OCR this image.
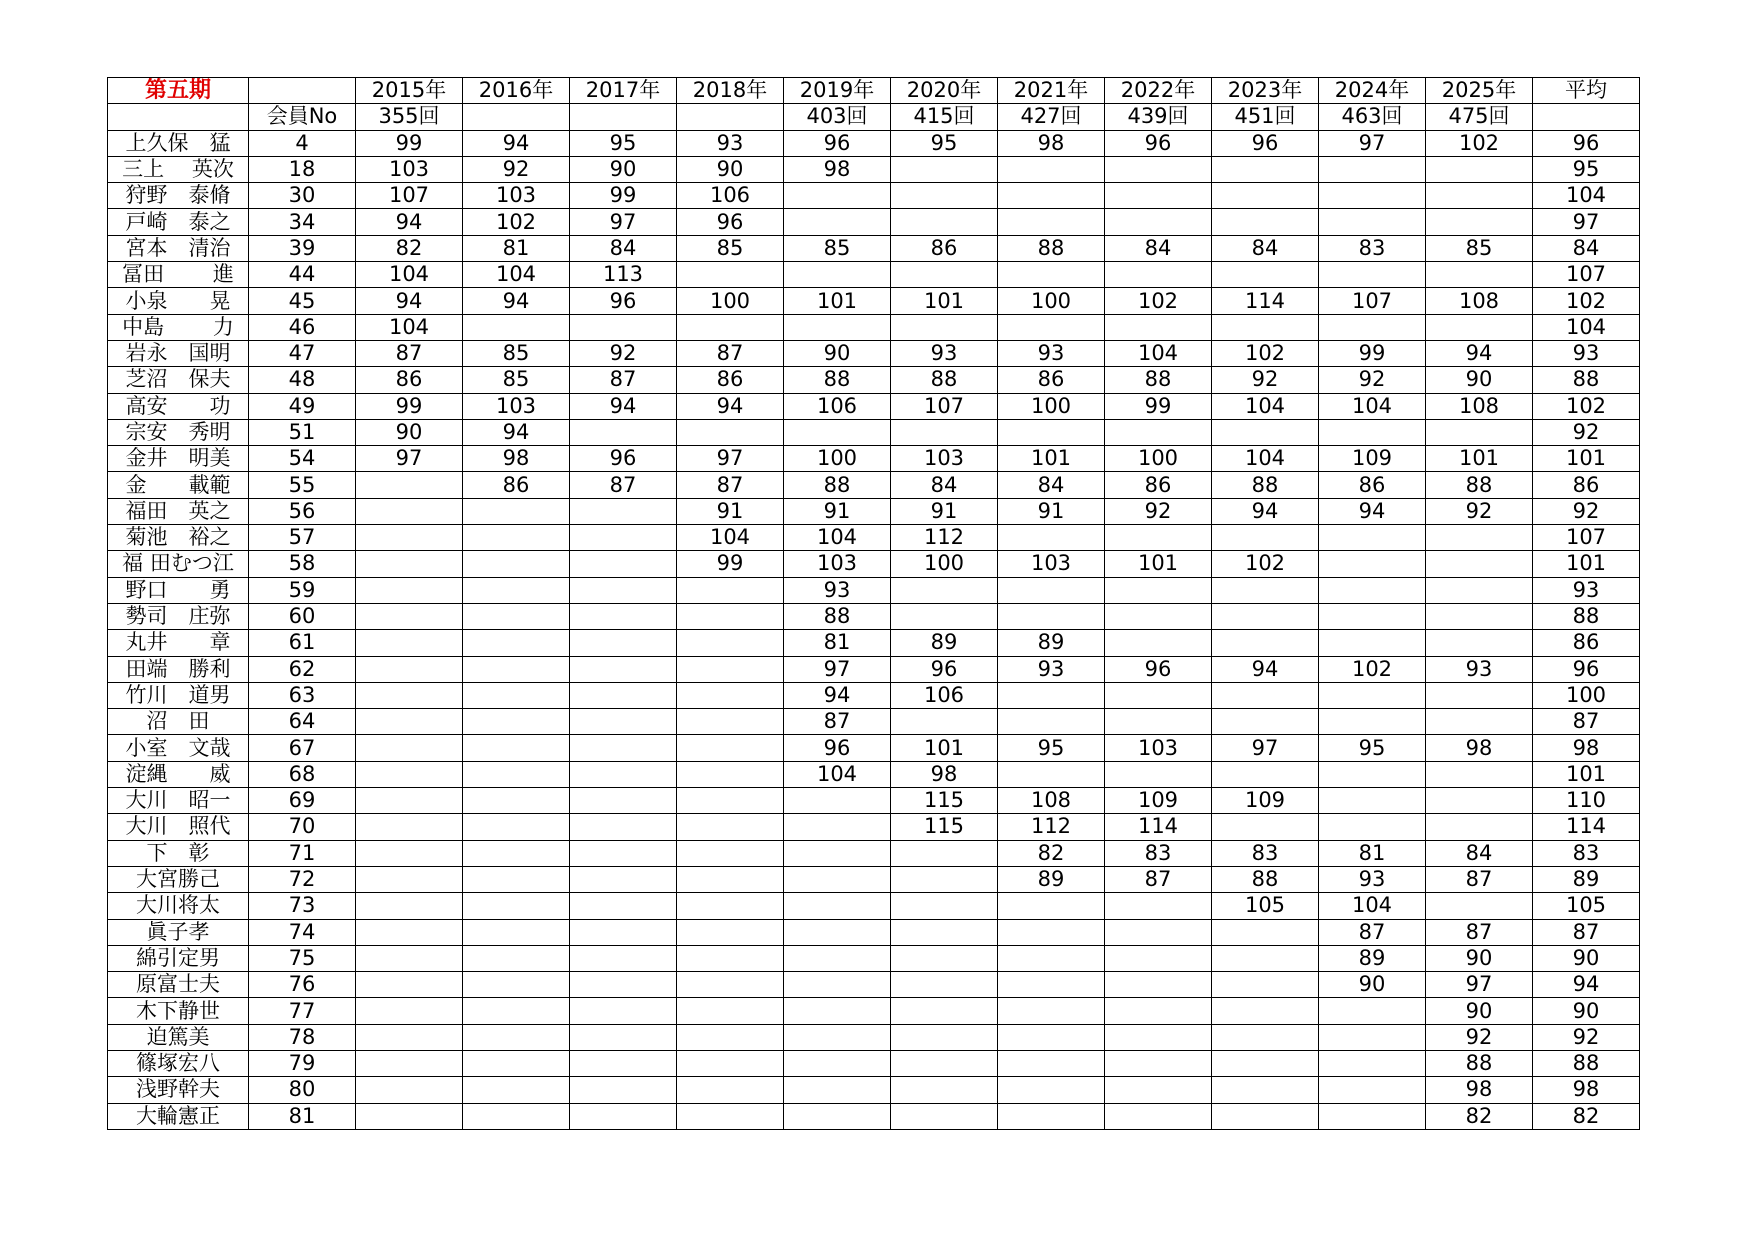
第五期		2015年	2016年	2017年	2018年	2019年	2020年	2021年	2022年	2023年	2024年	2025年	平均
	会員No	355回				403回	415回	427回	439回	451回	463回	475回	
上久保　猛	4	99	94	95	93	96	95	98	96	96	97	102	96
三上　 英次	18	103	92	90	90	98							95
狩野　泰脩	30	107	103	99	106								104
戸崎　泰之	34	94	102	97	96								97
宮本　清治	39	82	81	84	85	85	86	88	84	84	83	85	84
冨田　　 進	44	104	104	113									107
小泉　　晃	45	94	94	96	100	101	101	100	102	114	107	108	102
中島　　 力	46	104											104
岩永　国明	47	87	85	92	87	90	93	93	104	102	99	94	93
芝沼　保夫	48	86	85	87	86	88	88	86	88	92	92	90	88
高安　　功	49	99	103	94	94	106	107	100	99	104	104	108	102
宗安　秀明	51	90	94										92
金井　明美	54	97	98	96	97	100	103	101	100	104	109	101	101
金　　載範	55		86	87	87	88	84	84	86	88	86	88	86
福田　英之	56				91	91	91	91	92	94	94	92	92
菊池　裕之	57				104	104	112						107
福 田むつ江	58				99	103	100	103	101	102			101
野口　　勇	59					93							93
勢司　庄弥	60					88							88
丸井　　章	61					81	89	89					86
田端　勝利	62					97	96	93	96	94	102	93	96
竹川　道男	63					94	106						100
沼　田	64					87							87
小室　文哉	67					96	101	95	103	97	95	98	98
淀縄　　威	68					104	98						101
大川　昭一	69						115	108	109	109			110
大川　照代	70						115	112	114				114
下　彰	71							82	83	83	81	84	83
大宮勝己	72							89	87	88	93	87	89
大川将太	73									105	104		105
眞子孝	74										87	87	87
綿引定男	75										89	90	90
原富士夫	76										90	97	94
木下静世	77											90	90
迫篤美	78											92	92
篠塚宏八	79											88	88
浅野幹夫	80											98	98
大輪憲正	81											82	82
